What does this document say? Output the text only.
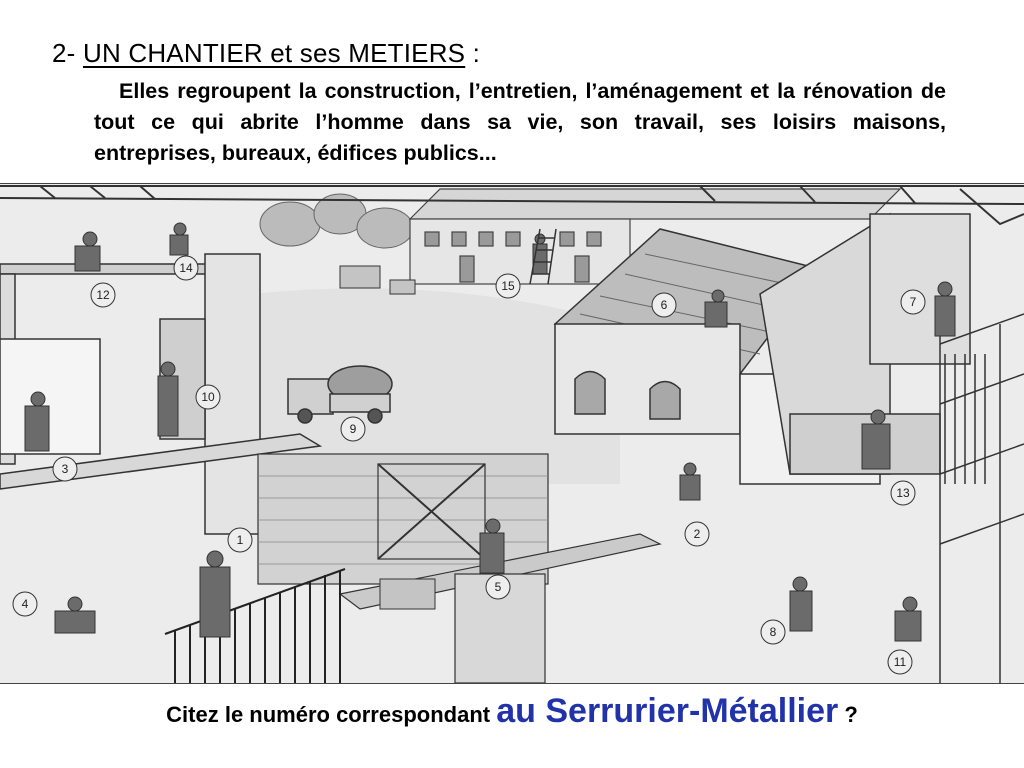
2- UN CHANTIER et ses METIERS :

Elles regroupent la construction, l’entretien, l’aménagement et la rénovation de tout ce qui abrite l’homme dans sa vie, son travail, ses loisirs maisons, entreprises, bureaux, édifices publics...

1	2
3
4
5
6	7
8
9
10
11
12
13
14
15

Citez le numéro correspondant au Serrurier-Métallier ?
